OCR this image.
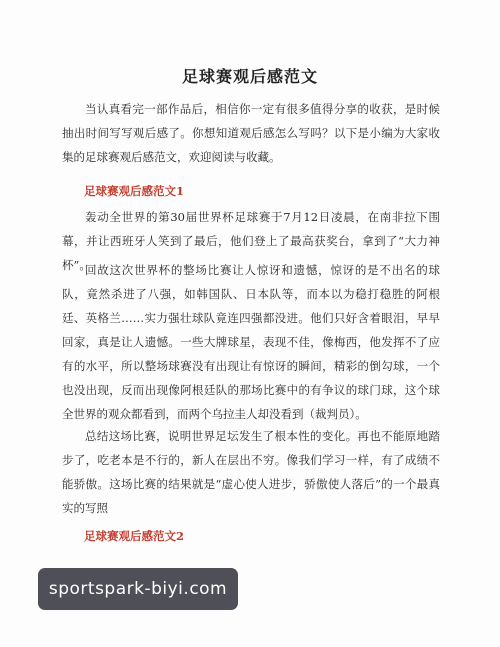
足球赛观后感范文
当认真看完一部作品后，相信你一定有很多值得分享的收获，是时候抽出时间写写观后感了。你想知道观后感怎么写吗？以下是小编为大家收集的足球赛观后感范文，欢迎阅读与收藏。
足球赛观后感范文1
轰动全世界的第30届世界杯足球赛于7月12日凌晨，在南非拉下围幕，并让西班牙人笑到了最后，他们登上了最高获奖台，拿到了“大力神杯”。
回故这次世界杯的整场比赛让人惊讶和遗憾，惊讶的是不出名的球队，竟然杀进了八强，如韩国队、日本队等，而本以为稳打稳胜的阿根廷、英格兰……实力强壮球队竟连四强都没进。他们只好含着眼泪，早早回家，真是让人遗憾。一些大牌球星，表现不佳，像梅西，他发挥不了应有的水平，所以整场球赛没有出现让有惊讶的瞬间，精彩的倒勾球，一个也没出现，反而出现像阿根廷队的那场比赛中的有争议的球门球，这个球全世界的观众都看到，而两个乌拉圭人却没看到（裁判员）。
总结这场比赛，说明世界足坛发生了根本性的变化。再也不能原地踏步了，吃老本是不行的，新人在层出不穷。像我们学习一样，有了成绩不能骄傲。这场比赛的结果就是“虚心使人进步，骄傲使人落后”的一个最真实的写照
足球赛观后感范文2
sportspark-biyi.com
